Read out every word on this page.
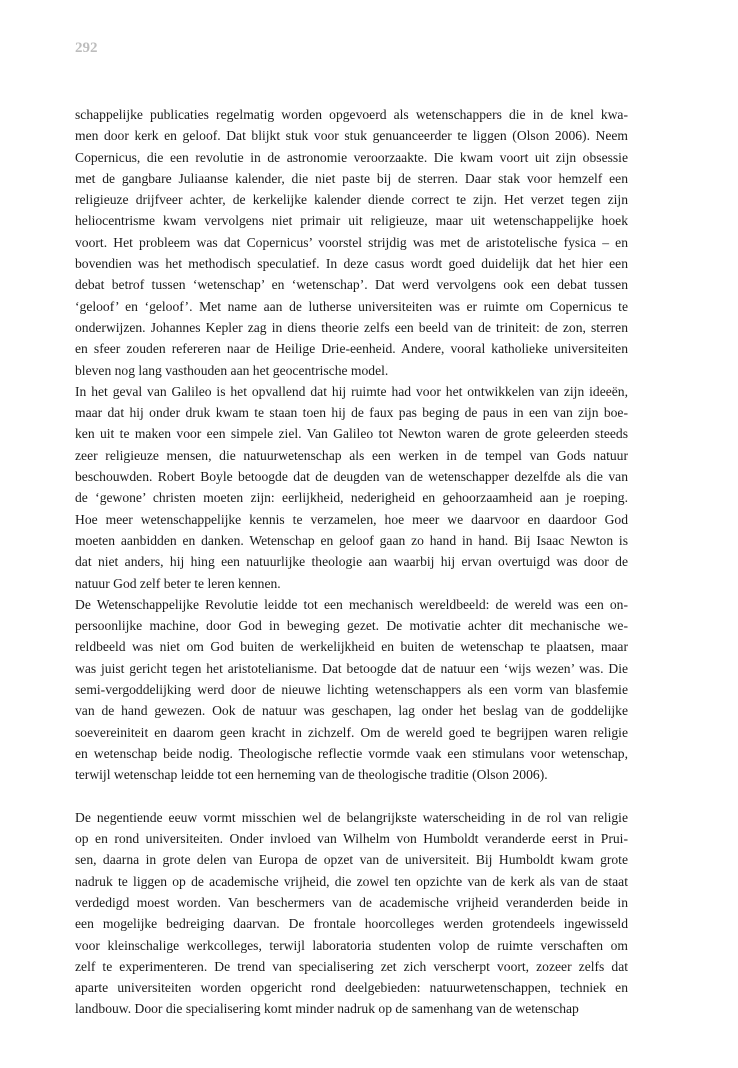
292
schappelijke publicaties regelmatig worden opgevoerd als wetenschappers die in de knel kwa-
men door kerk en geloof. Dat blijkt stuk voor stuk genuanceerder te liggen (Olson 2006). Neem
Copernicus, die een revolutie in de astronomie veroorzaakte. Die kwam voort uit zijn obsessie
met de gangbare Juliaanse kalender, die niet paste bij de sterren. Daar stak voor hemzelf een
religieuze drijfveer achter, de kerkelijke kalender diende correct te zijn. Het verzet tegen zijn
heliocentrisme kwam vervolgens niet primair uit religieuze, maar uit wetenschappelijke hoek
voort. Het probleem was dat Copernicus’ voorstel strijdig was met de aristotelische fysica – en
bovendien was het methodisch speculatief. In deze casus wordt goed duidelijk dat het hier een
debat betrof tussen ‘wetenschap’ en ‘wetenschap’. Dat werd vervolgens ook een debat tussen
‘geloof’ en ‘geloof’. Met name aan de lutherse universiteiten was er ruimte om Copernicus te
onderwijzen. Johannes Kepler zag in diens theorie zelfs een beeld van de triniteit: de zon, sterren
en sfeer zouden refereren naar de Heilige Drie-eenheid. Andere, vooral katholieke universiteiten
bleven nog lang vasthouden aan het geocentrische model.
In het geval van Galileo is het opvallend dat hij ruimte had voor het ontwikkelen van zijn ideeën,
maar dat hij onder druk kwam te staan toen hij de faux pas beging de paus in een van zijn boe-
ken uit te maken voor een simpele ziel. Van Galileo tot Newton waren de grote geleerden steeds
zeer religieuze mensen, die natuurwetenschap als een werken in de tempel van Gods natuur
beschouwden. Robert Boyle betoogde dat de deugden van de wetenschapper dezelfde als die van
de ‘gewone’ christen moeten zijn: eerlijkheid, nederigheid en gehoorzaamheid aan je roeping.
Hoe meer wetenschappelijke kennis te verzamelen, hoe meer we daarvoor en daardoor God
moeten aanbidden en danken. Wetenschap en geloof gaan zo hand in hand. Bij Isaac Newton is
dat niet anders, hij hing een natuurlijke theologie aan waarbij hij ervan overtuigd was door de
natuur God zelf beter te leren kennen.
De Wetenschappelijke Revolutie leidde tot een mechanisch wereldbeeld: de wereld was een on-
persoonlijke machine, door God in beweging gezet. De motivatie achter dit mechanische we-
reldbeeld was niet om God buiten de werkelijkheid en buiten de wetenschap te plaatsen, maar
was juist gericht tegen het aristotelianisme. Dat betoogde dat de natuur een ‘wijs wezen’ was. Die
semi-vergoddelijking werd door de nieuwe lichting wetenschappers als een vorm van blasfemie
van de hand gewezen. Ook de natuur was geschapen, lag onder het beslag van de goddelijke
soevereiniteit en daarom geen kracht in zichzelf. Om de wereld goed te begrijpen waren religie
en wetenschap beide nodig. Theologische reflectie vormde vaak een stimulans voor wetenschap,
terwijl wetenschap leidde tot een herneming van de theologische traditie (Olson 2006).
De negentiende eeuw vormt misschien wel de belangrijkste waterscheiding in de rol van religie
op en rond universiteiten. Onder invloed van Wilhelm von Humboldt veranderde eerst in Prui-
sen, daarna in grote delen van Europa de opzet van de universiteit. Bij Humboldt kwam grote
nadruk te liggen op de academische vrijheid, die zowel ten opzichte van de kerk als van de staat
verdedigd moest worden. Van beschermers van de academische vrijheid veranderden beide in
een mogelijke bedreiging daarvan. De frontale hoorcolleges werden grotendeels ingewisseld
voor kleinschalige werkcolleges, terwijl laboratoria studenten volop de ruimte verschaften om
zelf te experimenteren. De trend van specialisering zet zich verscherpt voort, zozeer zelfs dat
aparte universiteiten worden opgericht rond deelgebieden: natuurwetenschappen, techniek en
landbouw. Door die specialisering komt minder nadruk op de samenhang van de wetenschap
